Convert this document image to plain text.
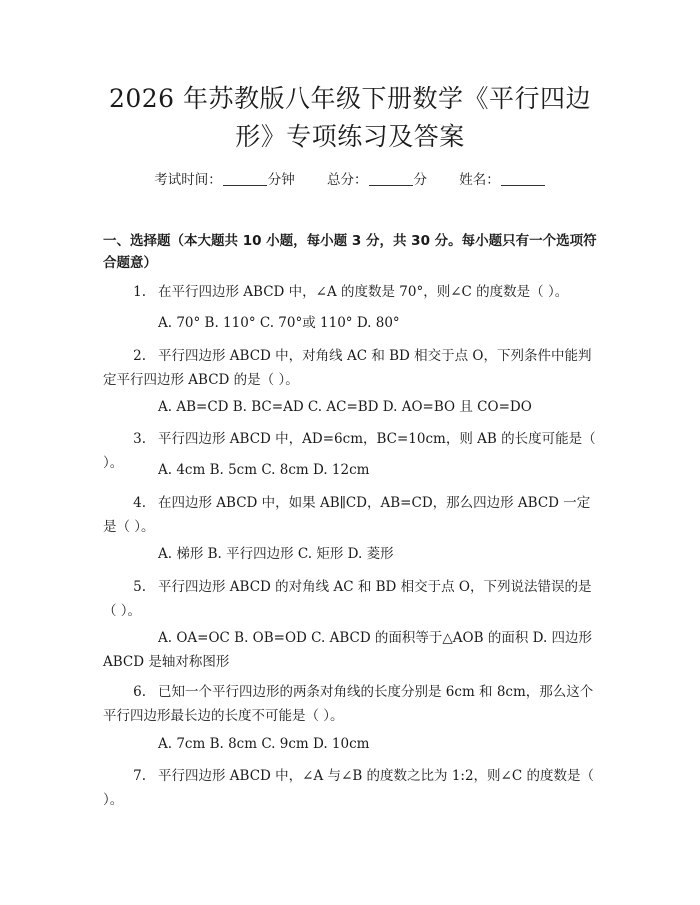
2026 年苏教版八年级下册数学《平行四边
形》专项练习及答案
考试时间：	分钟 总分：	分 姓名：

一、选择题（本大题共 10 小题，每小题 3 分，共 30 分。每小题只有一个选项符合题意）

1. 在平行四边形 ABCD 中，∠A 的度数是 70°，则∠C 的度数是（ ）。

A. 70° B. 110° C. 70°或 110° D. 80°

2. 平行四边形 ABCD 中，对角线 AC 和 BD 相交于点 O，下列条件中能判定平行四边形 ABCD 的是（ ）。

A. AB=CD B. BC=AD C. AC=BD D. AO=BO 且 CO=DO

3. 平行四边形 ABCD 中，AD=6cm，BC=10cm，则 AB 的长度可能是（ ）。	A. 4cm B. 5cm C. 8cm D. 12cm

4. 在四边形 ABCD 中，如果 AB∥CD，AB=CD，那么四边形 ABCD 一定是（ ）。

A. 梯形 B. 平行四边形 C. 矩形 D. 菱形

5. 平行四边形 ABCD 的对角线 AC 和 BD 相交于点 O，下列说法错误的是（ ）。

A. OA=OC B. OB=OD C. ABCD 的面积等于△AOB 的面积 D. 四边形 ABCD 是轴对称图形

6. 已知一个平行四边形的两条对角线的长度分别是 6cm 和 8cm，那么这个平行四边形最长边的长度不可能是（ ）。

A. 7cm B. 8cm C. 9cm D. 10cm

7. 平行四边形 ABCD 中，∠A 与∠B 的度数之比为 1:2，则∠C 的度数是（ ）。
